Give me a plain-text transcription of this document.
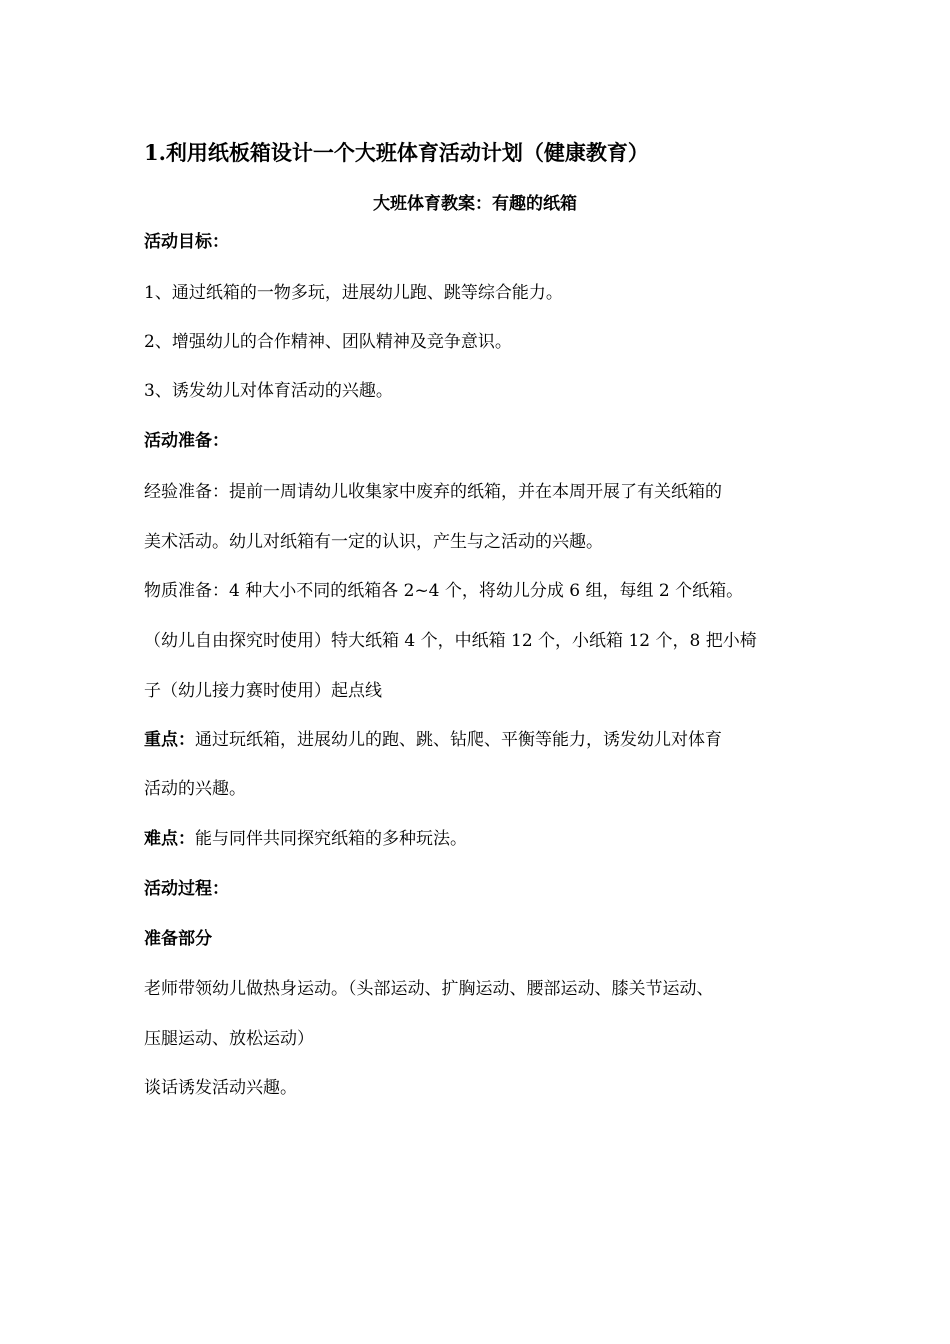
1.利用纸板箱设计一个大班体育活动计划（健康教育）
大班体育教案：有趣的纸箱
活动目标：
1、通过纸箱的一物多玩，进展幼儿跑、跳等综合能力。
2、增强幼儿的合作精神、团队精神及竞争意识。
3、诱发幼儿对体育活动的兴趣。
活动准备：
经验准备：提前一周请幼儿收集家中废弃的纸箱，并在本周开展了有关纸箱的
美术活动。幼儿对纸箱有一定的认识，产生与之活动的兴趣。
物质准备：4 种大小不同的纸箱各 2~4 个，将幼儿分成 6 组，每组 2 个纸箱。
（幼儿自由探究时使用）特大纸箱 4 个，中纸箱 12 个，小纸箱 12 个，8 把小椅
子（幼儿接力赛时使用）起点线
重点：通过玩纸箱，进展幼儿的跑、跳、钻爬、平衡等能力，诱发幼儿对体育
活动的兴趣。
难点：能与同伴共同探究纸箱的多种玩法。
活动过程：
准备部分
老师带领幼儿做热身运动。（头部运动、扩胸运动、腰部运动、膝关节运动、
压腿运动、放松运动）
谈话诱发活动兴趣。
